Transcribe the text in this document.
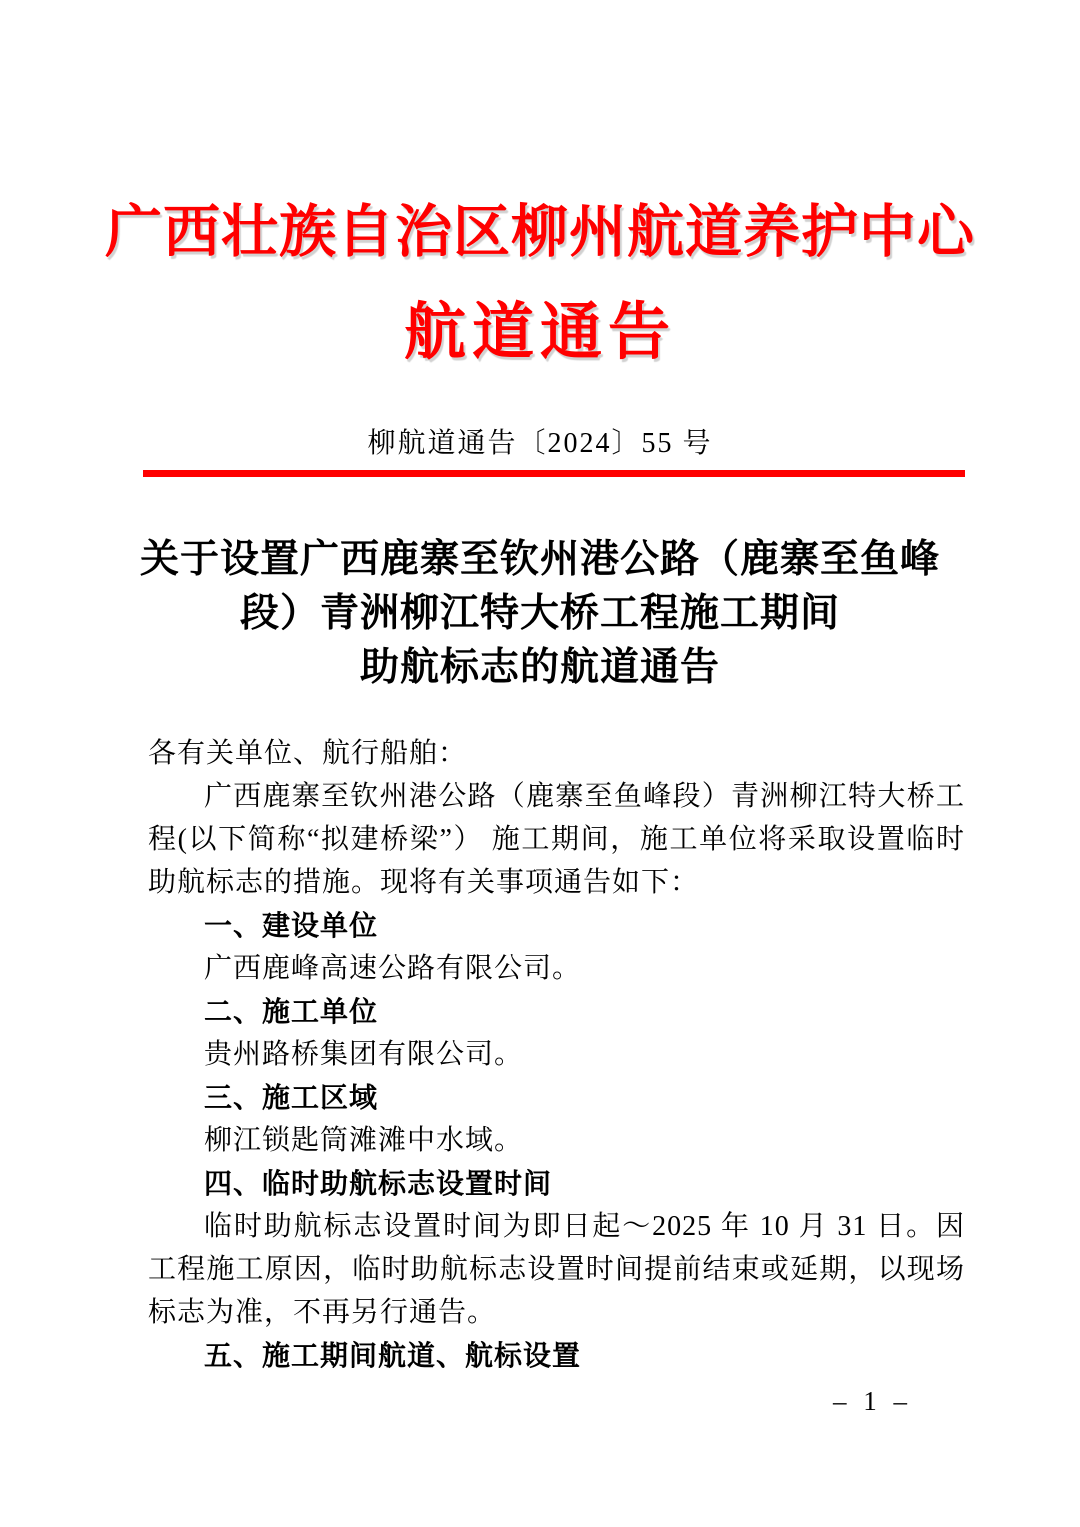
广西壮族自治区柳州航道养护中心
航道通告
柳航道通告〔2024〕55 号
关于设置广西鹿寨至钦州港公路（鹿寨至鱼峰
段）青洲柳江特大桥工程施工期间
助航标志的航道通告

各有关单位、航行船舶：

广西鹿寨至钦州港公路（鹿寨至鱼峰段）青洲柳江特大桥工程(以下简称“拟建桥梁”） 施工期间，施工单位将采取设置临时助航标志的措施。现将有关事项通告如下：

一、建设单位

广西鹿峰高速公路有限公司。

二、施工单位

贵州路桥集团有限公司。

三、施工区域

柳江锁匙筒滩滩中水域。

四、临时助航标志设置时间

临时助航标志设置时间为即日起～2025 年 10 月 31 日。因工程施工原因，临时助航标志设置时间提前结束或延期，以现场标志为准，不再另行通告。

五、施工期间航道、航标设置

– 1 –
